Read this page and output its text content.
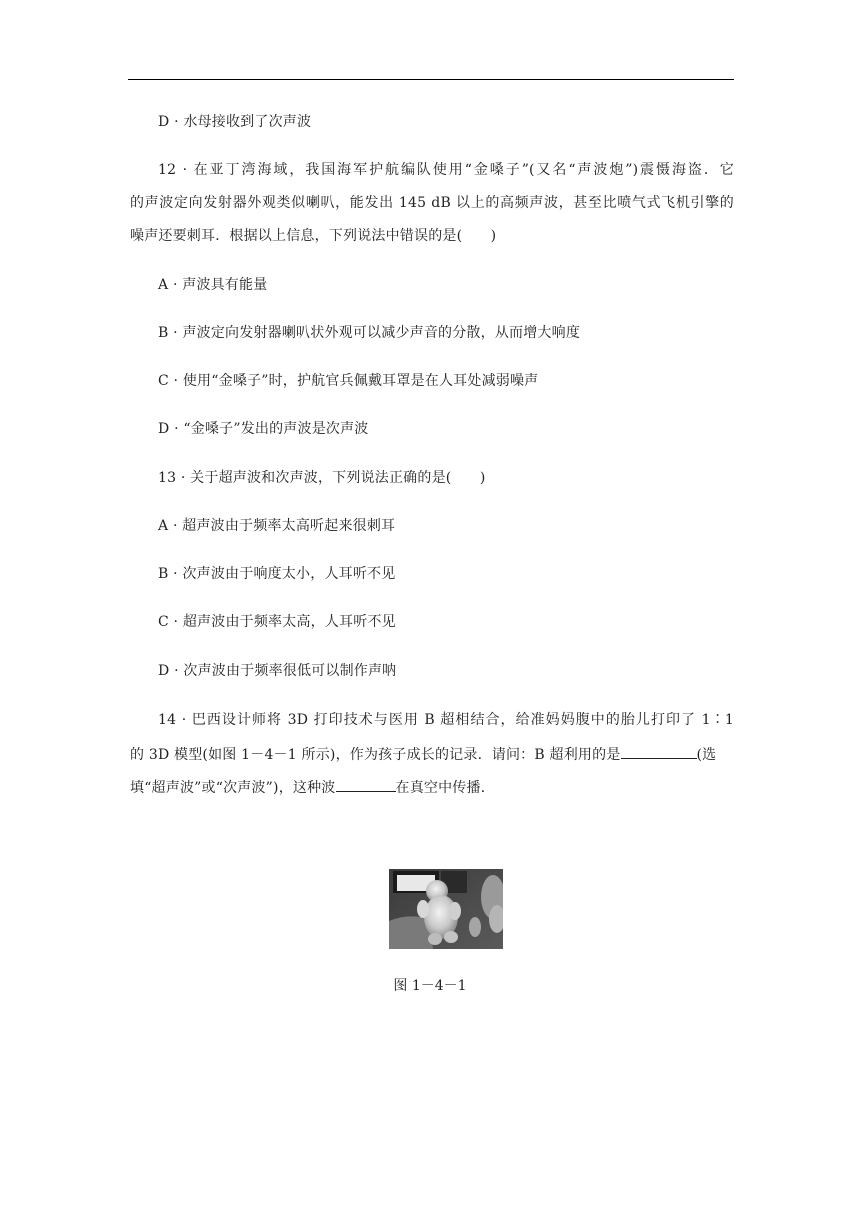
D · 水母接收到了次声波
12 · 在亚丁湾海域，我国海军护航编队使用“金嗓子”(又名“声波炮”)震慑海盗．它
的声波定向发射器外观类似喇叭，能发出 145 dB 以上的高频声波，甚至比喷气式飞机引擎的
噪声还要刺耳．根据以上信息，下列说法中错误的是(　　)
A · 声波具有能量
B · 声波定向发射器喇叭状外观可以减少声音的分散，从而增大响度
C · 使用“金嗓子”时，护航官兵佩戴耳罩是在人耳处减弱噪声
D · “金嗓子”发出的声波是次声波
13 · 关于超声波和次声波，下列说法正确的是(　　)
A · 超声波由于频率太高听起来很刺耳
B · 次声波由于响度太小，人耳听不见
C · 超声波由于频率太高，人耳听不见
D · 次声波由于频率很低可以制作声呐
14 · 巴西设计师将 3D 打印技术与医用 B 超相结合，给准妈妈腹中的胎儿打印了 1∶1
的 3D 模型(如图 1－4－1 所示)，作为孩子成长的记录．请问：B 超利用的是	(选
填“超声波”或“次声波”)，这种波	在真空中传播．
图 1－4－1
